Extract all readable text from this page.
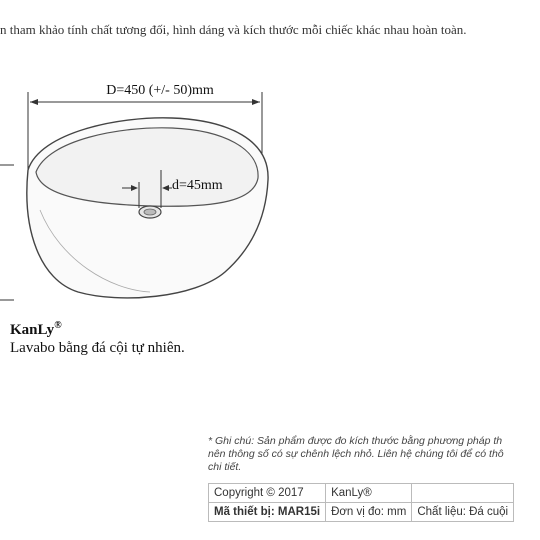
n tham khảo tính chất tương đối, hình dáng và kích thước mỗi chiếc khác nhau hoàn toàn.
D=450 (+/- 50)mm
d=45mm
KanLy®
Lavabo bằng đá cội tự nhiên.
* Ghi chú: Sản phẩm được đo kích thước bằng phương pháp th
nên thông số có sự chênh lệch nhỏ. Liên hệ chúng tôi để có thô
chi tiết.
Copyright © 2017	KanLy®	
Mã thiết bị: MAR15i	Đơn vị đo: mm	Chất liệu: Đá cuội
